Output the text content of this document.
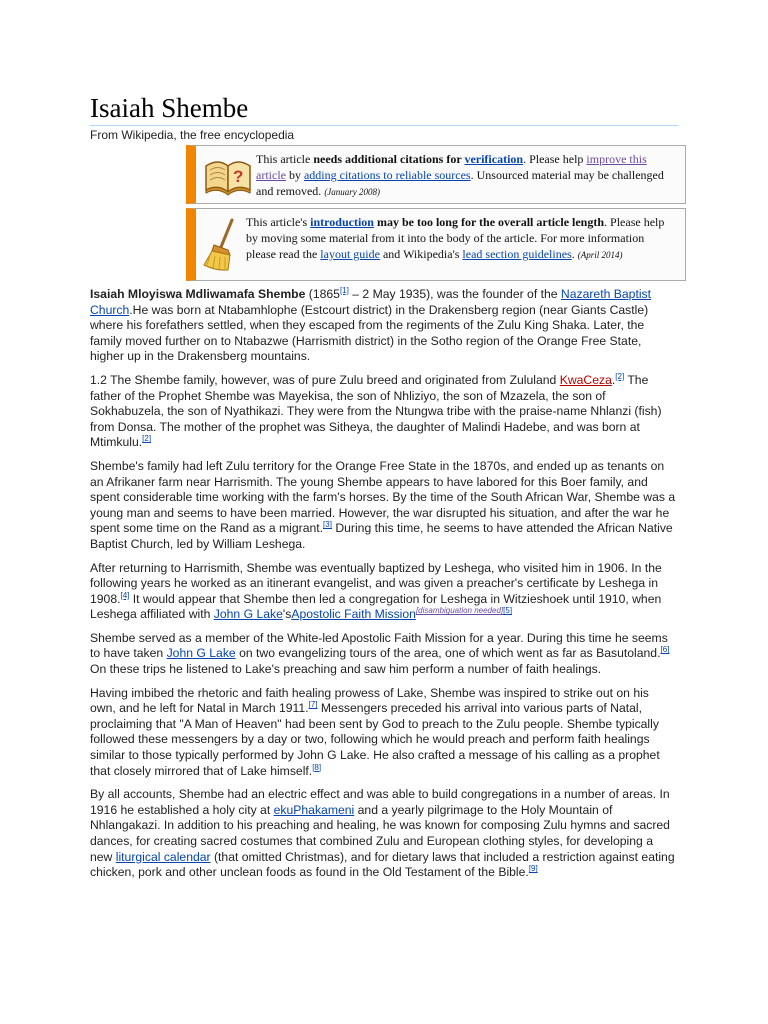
Isaiah Shembe
From Wikipedia, the free encyclopedia
?
This article needs additional citations for verification. Please help improve this article by adding citations to reliable sources. Unsourced material may be challenged and removed. (January 2008)
This article's introduction may be too long for the overall article length. Please help by moving some material from it into the body of the article. For more information please read the layout guide and Wikipedia's lead section guidelines. (April 2014)

Isaiah Mloyiswa Mdliwamafa Shembe (1865[1] – 2 May 1935), was the founder of the Nazareth Baptist Church.He was born at Ntabamhlophe (Estcourt district) in the Drakensberg region (near Giants Castle) where his forefathers settled, when they escaped from the regiments of the Zulu King Shaka. Later, the family moved further on to Ntabazwe (Harrismith district) in the Sotho region of the Orange Free State, higher up in the Drakensberg mountains.

1.2 The Shembe family, however, was of pure Zulu breed and originated from Zululand KwaCeza.[2] The father of the Prophet Shembe was Mayekisa, the son of Nhliziyo, the son of Mzazela, the son of Sokhabuzela, the son of Nyathikazi. They were from the Ntungwa tribe with the praise-name Nhlanzi (fish) from Donsa. The mother of the prophet was Sitheya, the daughter of Malindi Hadebe, and was born at Mtimkulu.[2]

Shembe's family had left Zulu territory for the Orange Free State in the 1870s, and ended up as tenants on an Afrikaner farm near Harrismith. The young Shembe appears to have labored for this Boer family, and spent considerable time working with the farm's horses. By the time of the South African War, Shembe was a young man and seems to have been married. However, the war disrupted his situation, and after the war he spent some time on the Rand as a migrant.[3] During this time, he seems to have attended the African Native Baptist Church, led by William Leshega.

After returning to Harrismith, Shembe was eventually baptized by Leshega, who visited him in 1906. In the following years he worked as an itinerant evangelist, and was given a preacher's certificate by Leshega in 1908.[4] It would appear that Shembe then led a congregation for Leshega in Witzieshoek until 1910, when Leshega affiliated with John G Lake'sApostolic Faith Mission[disambiguation needed][5]

Shembe served as a member of the White-led Apostolic Faith Mission for a year. During this time he seems to have taken John G Lake on two evangelizing tours of the area, one of which went as far as Basutoland.[6] On these trips he listened to Lake's preaching and saw him perform a number of faith healings.

Having imbibed the rhetoric and faith healing prowess of Lake, Shembe was inspired to strike out on his own, and he left for Natal in March 1911.[7] Messengers preceded his arrival into various parts of Natal, proclaiming that "A Man of Heaven" had been sent by God to preach to the Zulu people. Shembe typically followed these messengers by a day or two, following which he would preach and perform faith healings similar to those typically performed by John G Lake. He also crafted a message of his calling as a prophet that closely mirrored that of Lake himself.[8]

By all accounts, Shembe had an electric effect and was able to build congregations in a number of areas. In 1916 he established a holy city at ekuPhakameni and a yearly pilgrimage to the Holy Mountain of Nhlangakazi. In addition to his preaching and healing, he was known for composing Zulu hymns and sacred dances, for creating sacred costumes that combined Zulu and European clothing styles, for developing a new liturgical calendar (that omitted Christmas), and for dietary laws that included a restriction against eating chicken, pork and other unclean foods as found in the Old Testament of the Bible.[9]
